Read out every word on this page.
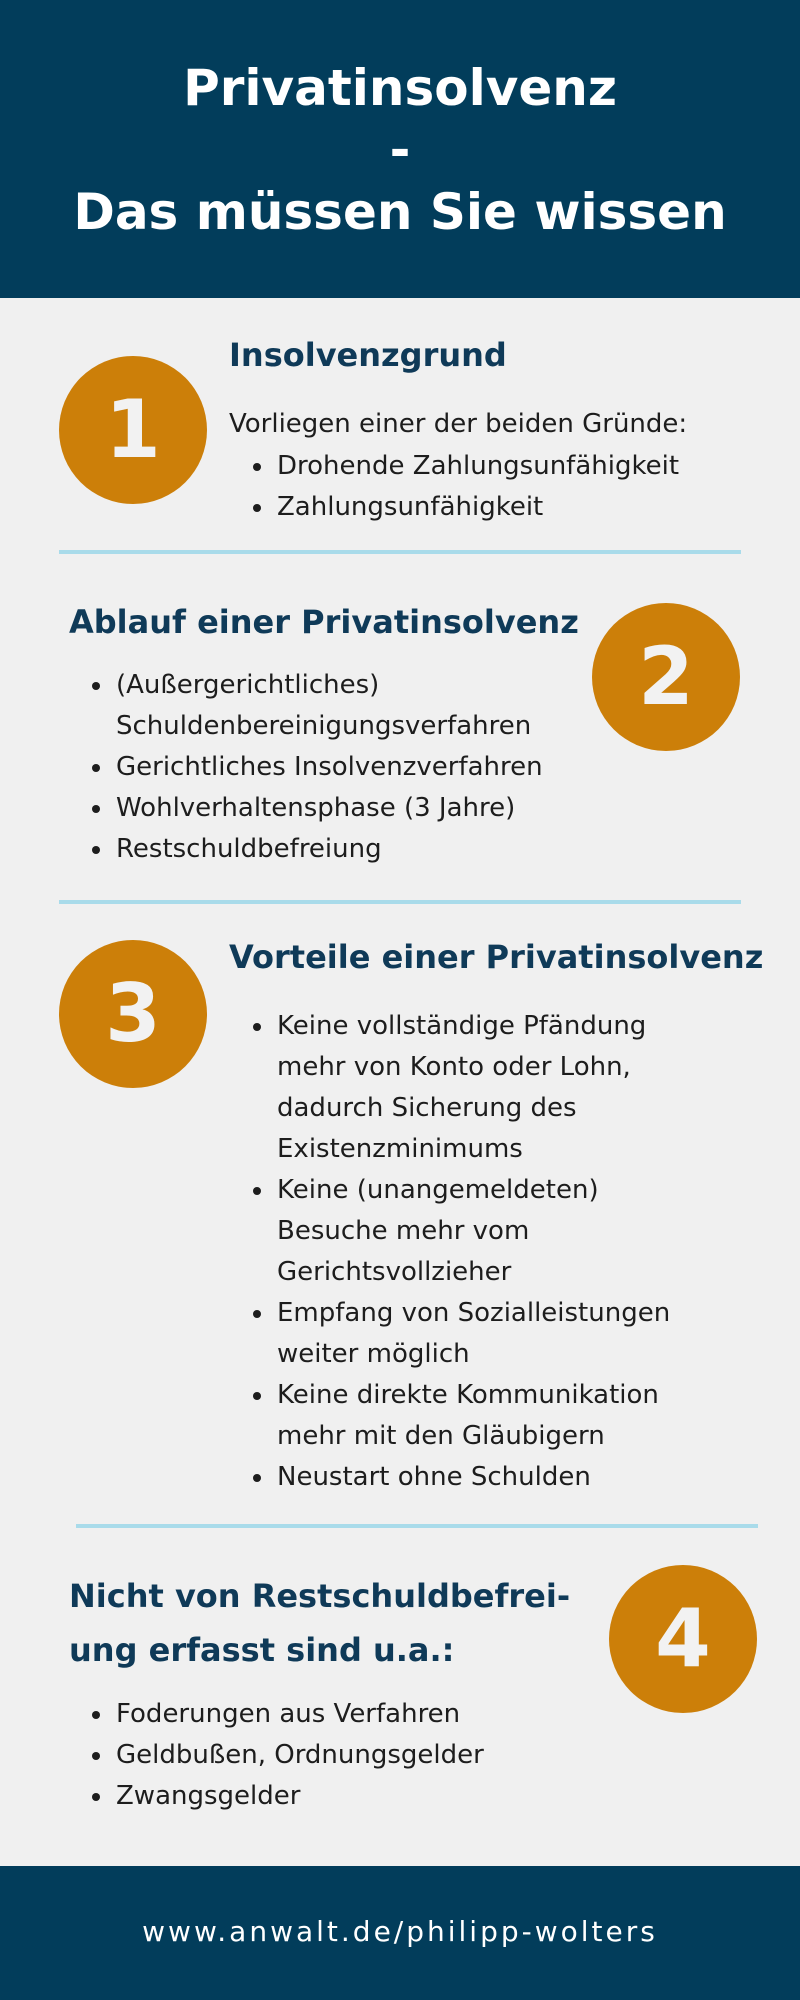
Privatinsolvenz
-
Das müssen Sie wissen
1
Insolvenzgrund
Vorliegen einer der beiden Gründe:
Drohende Zahlungsunfähigkeit
Zahlungsunfähigkeit
Ablauf einer Privatinsolvenz
2
(Außergerichtliches)
Schuldenbereinigungsverfahren
Gerichtliches Insolvenzverfahren
Wohlverhaltensphase (3 Jahre)
Restschuldbefreiung
3
Vorteile einer Privatinsolvenz
Keine vollständige Pfändung
mehr von Konto oder Lohn,
dadurch Sicherung des
Existenzminimums
Keine (unangemeldeten)
Besuche mehr vom
Gerichtsvollzieher
Empfang von Sozialleistungen
weiter möglich
Keine direkte Kommunikation
mehr mit den Gläubigern
Neustart ohne Schulden
Nicht von Restschuldbefrei-
ung erfasst sind u.a.:	4
Foderungen aus Verfahren
Geldbußen, Ordnungsgelder
Zwangsgelder
www.anwalt.de/philipp-wolters
